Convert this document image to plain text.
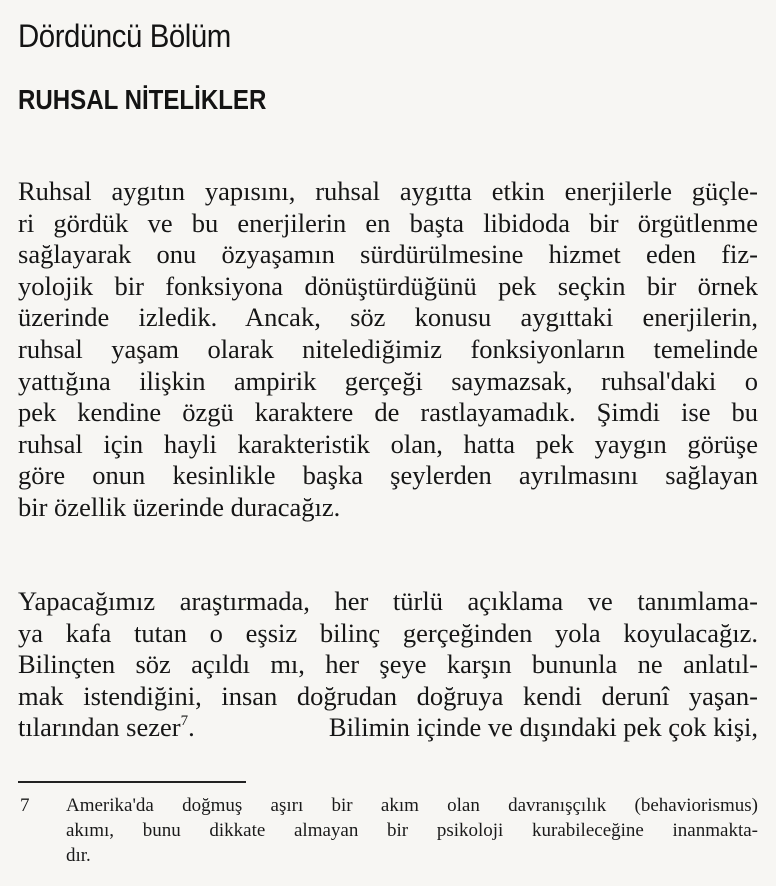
Dördüncü Bölüm
RUHSAL NİTELİKLER
Ruhsal aygıtın yapısını, ruhsal aygıtta etkin enerjilerle güçle-
ri gördük ve bu enerjilerin en başta libidoda bir örgütlenme
sağlayarak onu özyaşamın sürdürülmesine hizmet eden fiz-
yolojik bir fonksiyona dönüştürdüğünü pek seçkin bir örnek
üzerinde izledik. Ancak, söz konusu aygıttaki enerjilerin,
ruhsal yaşam olarak nitelediğimiz fonksiyonların temelinde
yattığına ilişkin ampirik gerçeği saymazsak, ruhsal'daki o
pek kendine özgü karaktere de rastlayamadık. Şimdi ise bu
ruhsal için hayli karakteristik olan, hatta pek yaygın görüşe
göre onun kesinlikle başka şeylerden ayrılmasını sağlayan
bir özellik üzerinde duracağız.
Yapacağımız araştırmada, her türlü açıklama ve tanımlama-
ya kafa tutan o eşsiz bilinç gerçeğinden yola koyulacağız.
Bilinçten söz açıldı mı, her şeye karşın bununla ne anlatıl-
mak istendiğini, insan doğrudan doğruya kendi derunî yaşan-
tılarından sezer$^7$.	Bilimin içinde ve dışındaki pek çok kişi,
7 Amerika'da doğmuş aşırı bir akım olan davranışçılık (behaviorismus)
akımı, bunu dikkate almayan bir psikoloji kurabileceğine inanmakta-
dır.
